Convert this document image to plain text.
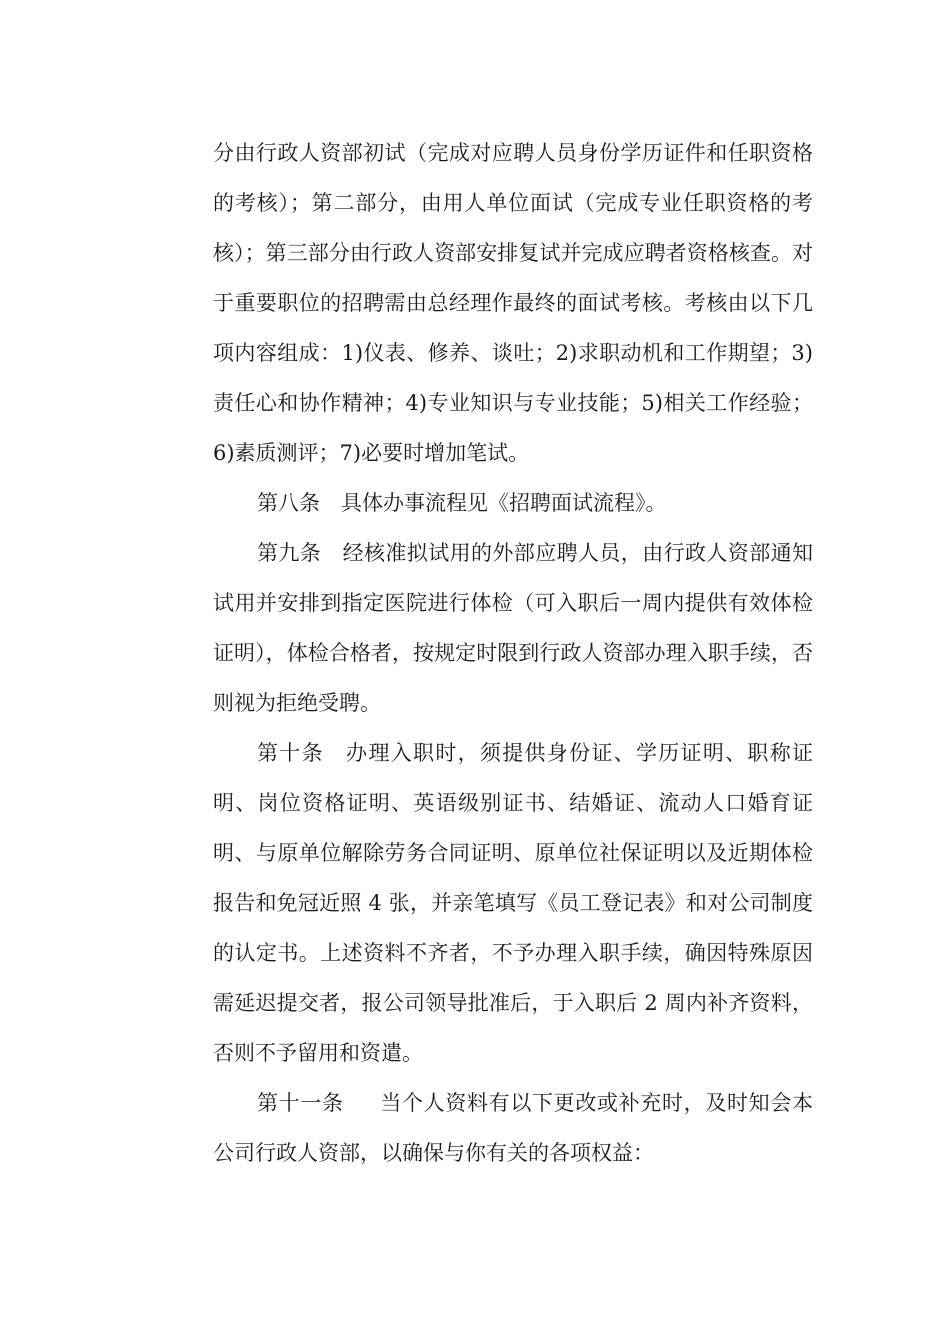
分由行政人资部初试（完成对应聘人员身份学历证件和任职资格的考核）；第二部分，由用人单位面试（完成专业任职资格的考核）；第三部分由行政人资部安排复试并完成应聘者资格核查。对于重要职位的招聘需由总经理作最终的面试考核。考核由以下几项内容组成：1)仪表、修养、谈吐；2)求职动机和工作期望；3)责任心和协作精神；4)专业知识与专业技能；5)相关工作经验；6)素质测评；7)必要时增加笔试。

第八条 具体办事流程见《招聘面试流程》。

第九条 经核准拟试用的外部应聘人员，由行政人资部通知试用并安排到指定医院进行体检（可入职后一周内提供有效体检证明），体检合格者，按规定时限到行政人资部办理入职手续，否则视为拒绝受聘。

第十条 办理入职时，须提供身份证、学历证明、职称证明、岗位资格证明、英语级别证书、结婚证、流动人口婚育证明、与原单位解除劳务合同证明、原单位社保证明以及近期体检报告和免冠近照 4 张，并亲笔填写《员工登记表》和对公司制度的认定书。上述资料不齐者，不予办理入职手续，确因特殊原因需延迟提交者，报公司领导批准后，于入职后 2 周内补齐资料，否则不予留用和资遣。

第十一条 当个人资料有以下更改或补充时，及时知会本公司行政人资部，以确保与你有关的各项权益：
